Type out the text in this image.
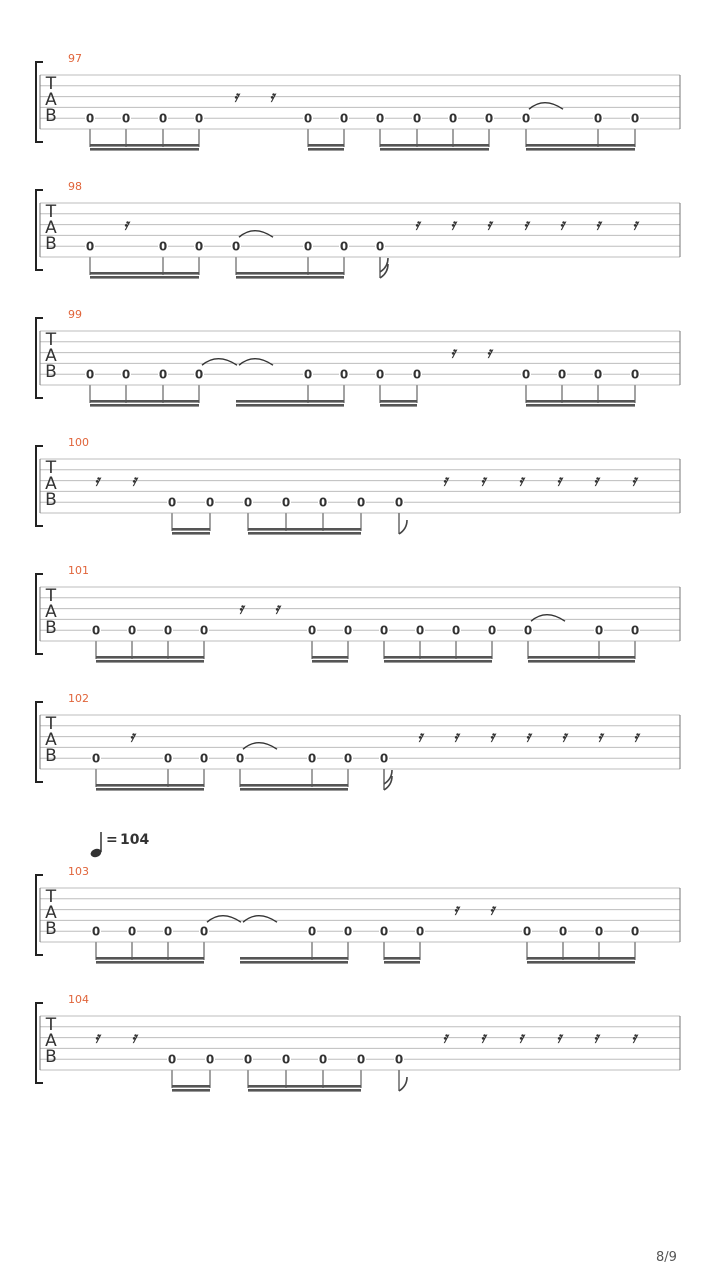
97
T
A
B 0 0 0 0
𝄿 𝄿
0 0 0 0 0 0 0	0 0
98
T
A
B 0
𝄿
0 0 0	0 0 0
𝄿 𝄿 𝄿 𝄿 𝄿 𝄿 𝄿
99
T
A
B 0 0 0 0	0 0 0 0
𝄿 𝄿
0 0 0 0
100
T
A
B
𝄿 𝄿
0 0 0 0 0 0 0
𝄿 𝄿 𝄿 𝄿 𝄿 𝄿
101
T
A
B	0 0 0 0
𝄿 𝄿
0 0 0 0 0 0 0	0 0
102
T
A
B	0
𝄿
0 0 0	0 0 0
𝄿 𝄿 𝄿 𝄿 𝄿 𝄿 𝄿
103
T
A
B	0 0 0 0	0 0 0 0
𝄿 𝄿
0 0 0 0
104
T
A
B
𝄿 𝄿
0 0 0 0 0 0 0
𝄿 𝄿 𝄿 𝄿 𝄿 𝄿
= 104
8/9
